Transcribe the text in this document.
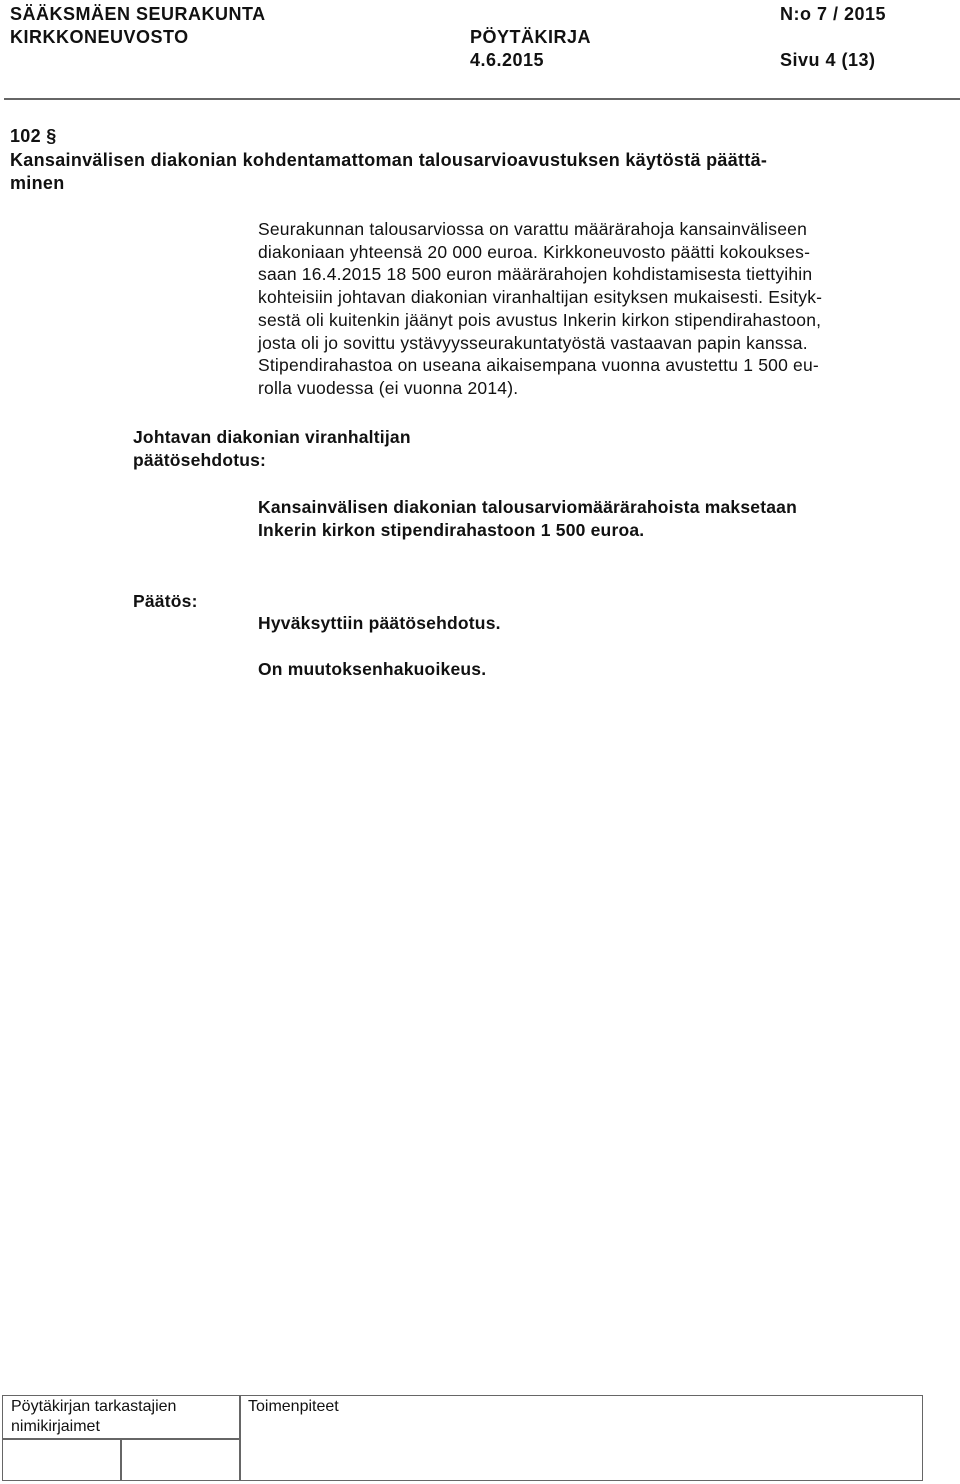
SÄÄKSMÄEN SEURAKUNTA
KIRKKONEUVOSTO	PÖYTÄKIRJA
4.6.2015
N:o 7 / 2015
Sivu 4 (13)
102 §
Kansainvälisen diakonian kohdentamattoman talousarvioavustuksen käytöstä päättä-
minen
Seurakunnan talousarviossa on varattu määrärahoja kansainväliseen
diakoniaan yhteensä 20 000 euroa. Kirkkoneuvosto päätti kokoukses-
saan 16.4.2015 18 500 euron määrärahojen kohdistamisesta tiettyihin
kohteisiin johtavan diakonian viranhaltijan esityksen mukaisesti. Esityk-
sestä oli kuitenkin jäänyt pois avustus Inkerin kirkon stipendirahastoon,
josta oli jo sovittu ystävyysseurakuntatyöstä vastaavan papin kanssa.
Stipendirahastoa on useana aikaisempana vuonna avustettu 1 500 eu-
rolla vuodessa (ei vuonna 2014).
Johtavan diakonian viranhaltijan
päätösehdotus:
Kansainvälisen diakonian talousarviomäärärahoista maksetaan
Inkerin kirkon stipendirahastoon 1 500 euroa.
Päätös:
Hyväksyttiin päätösehdotus.
On muutoksenhakuoikeus.
Pöytäkirjan tarkastajien
nimikirjaimet
Toimenpiteet
